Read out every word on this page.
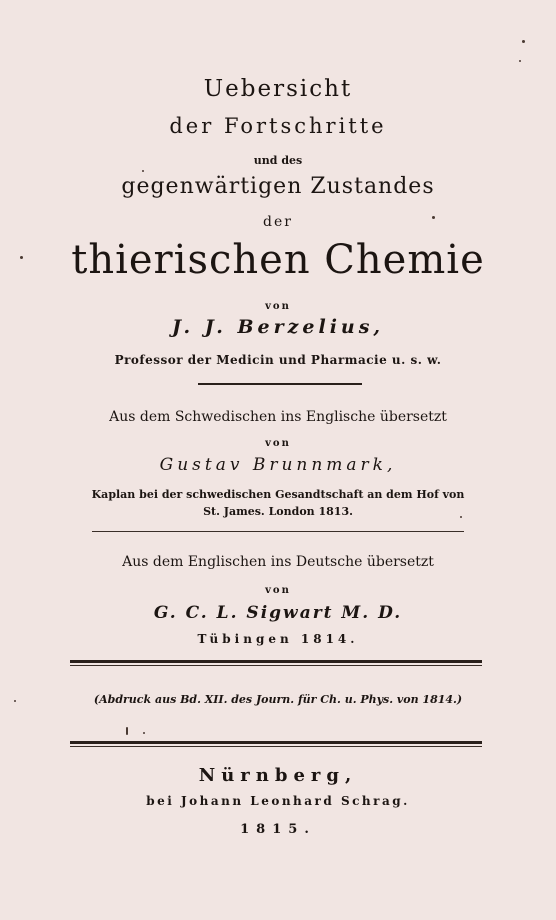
Uebersicht
der Fortschritte
und des
gegenwärtigen Zustandes
der
thierischen Chemie
von
J. J. Berzelius,
Professor der Medicin und Pharmacie u. s. w.
Aus dem Schwedischen ins Englische übersetzt
von
Gustav Brunnmark,
Kaplan bei der schwedischen Gesandtschaft an dem Hof von
St. James. London 1813.
Aus dem Englischen ins Deutsche übersetzt
von
G. C. L. Sigwart M. D.
Tübingen 1814.
(Abdruck aus Bd. XII. des Journ. für Ch. u. Phys. von 1814.)
Nürnberg,
bei Johann Leonhard Schrag.
1815.
